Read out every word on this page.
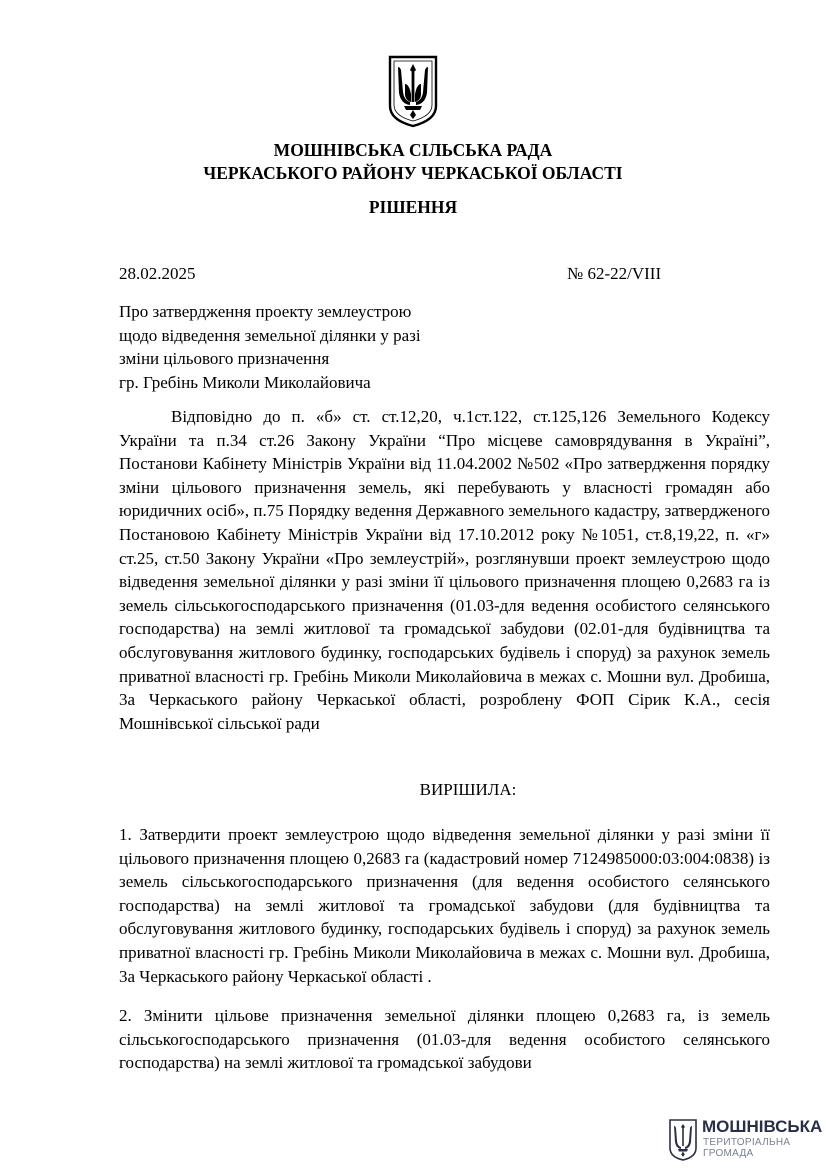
МОШНІВСЬКА СІЛЬСЬКА РАДА
ЧЕРКАСЬКОГО РАЙОНУ ЧЕРКАСЬКОЇ ОБЛАСТІ
РІШЕННЯ
28.02.2025	№ 62-22/VIII
Про затвердження проекту землеустрою
щодо відведення земельної ділянки у разі
зміни цільового призначення
гр. Гребінь Миколи Миколайовича
Відповідно до п. «б» ст. ст.12,20, ч.1ст.122, ст.125,126 Земельного Кодексу України та п.34 ст.26 Закону України “Про місцеве самоврядування в Україні”, Постанови Кабінету Міністрів України від 11.04.2002 №502 «Про затвердження порядку зміни цільового призначення земель, які перебувають у власності громадян або юридичних осіб», п.75 Порядку ведення Державного земельного кадастру, затвердженого Постановою Кабінету Міністрів України від 17.10.2012 року №1051, ст.8,19,22, п. «г» ст.25, ст.50 Закону України «Про землеустрій», розглянувши проект землеустрою щодо відведення земельної ділянки у разі зміни її цільового призначення площею 0,2683 га із земель сільськогосподарського призначення (01.03-для ведення особистого селянського господарства) на землі житлової та громадської забудови (02.01-для будівництва та обслуговування житлового будинку, господарських будівель і споруд) за рахунок земель приватної власності гр. Гребінь Миколи Миколайовича в межах с. Мошни вул. Дробиша, 3а Черкаського району Черкаської області, розроблену ФОП Сірик К.А., сесія Мошнівської сільської ради
ВИРІШИЛА:
1. Затвердити проект землеустрою щодо відведення земельної ділянки у разі зміни її цільового призначення площею 0,2683 га (кадастровий номер 7124985000:03:004:0838) із земель сільськогосподарського призначення (для ведення особистого селянського господарства) на землі житлової та громадської забудови (для будівництва та обслуговування житлового будинку, господарських будівель і споруд) за рахунок земель приватної власності гр. Гребінь Миколи Миколайовича в межах с. Мошни вул. Дробиша, 3а Черкаського району Черкаської області .
2. Змінити цільове призначення земельної ділянки площею 0,2683 га, із земель сільськогосподарського призначення (01.03-для ведення особистого селянського господарства) на землі житлової та громадської забудови
МОШНІВСЬКА
ТЕРИТОРІАЛЬНА
ГРОМАДА
